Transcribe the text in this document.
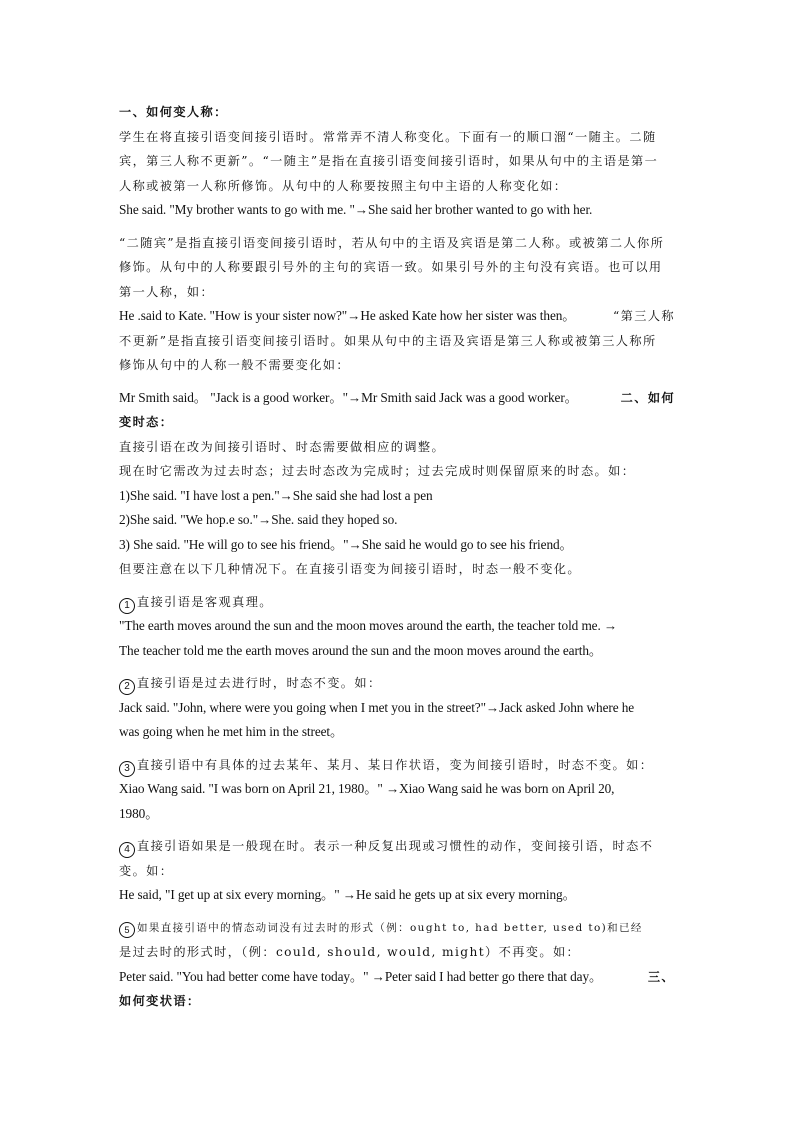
一、如何变人称：
学生在将直接引语变间接引语时。常常弄不清人称变化。下面有一的顺口溜“一随主。二随
宾，第三人称不更新”。“一随主”是指在直接引语变间接引语时，如果从句中的主语是第一
人称或被第一人称所修饰。从句中的人称要按照主句中主语的人称变化如：
She said. "My brother wants to go with me. "→She said her brother wanted to go with her.
“二随宾”是指直接引语变间接引语时，若从句中的主语及宾语是第二人称。或被第二人你所
修饰。从句中的人称要跟引号外的主句的宾语一致。如果引号外的主句没有宾语。也可以用
第一人称，如：
He .said to Kate. "How is your sister now?"→He asked Kate how her sister was then。	“第三人称
不更新”是指直接引语变间接引语时。如果从句中的主语及宾语是第三人称或被第三人称所
修饰从句中的人称一般不需要变化如：
Mr Smith said。 "Jack is a good worker。"→Mr Smith said Jack was a good worker。	二、如何
变时态：
直接引语在改为间接引语时、时态需要做相应的调整。
现在时它需改为过去时态；过去时态改为完成时；过去完成时则保留原来的时态。如：
1)She said. "I have lost a pen."→She said she had lost a pen
2)She said. "We hop.e so."→She. said they hoped so.
3) She said. "He will go to see his friend。"→She said he would go to see his friend。
但要注意在以下几种情况下。在直接引语变为间接引语时，时态一般不变化。
1 直接引语是客观真理。
"The earth moves around the sun and the moon moves around the earth, the teacher told me. →
The teacher told me the earth moves around the sun and the moon moves around the earth。
2 直接引语是过去进行时，时态不变。如：
Jack said. "John, where were you going when I met you in the street?"→Jack asked John where he
was going when he met him in the street。
3 直接引语中有具体的过去某年、某月、某日作状语，变为间接引语时，时态不变。如：
Xiao Wang said. "I was born on April 21, 1980。" →Xiao Wang said he was born on April 20,
1980。
4 直接引语如果是一般现在时。表示一种反复出现或习惯性的动作，变间接引语，时态不
变。如：
He said, "I get up at six every morning。" →He said he gets up at six every morning。
5 如果直接引语中的情态动词没有过去时的形式（例：ought to, had better, used to)和已经
是过去时的形式时，（例：could, should, would, might）不再变。如：
Peter said. "You had better come have today。" →Peter said I had better go there that day。	三、
如何变状语：
